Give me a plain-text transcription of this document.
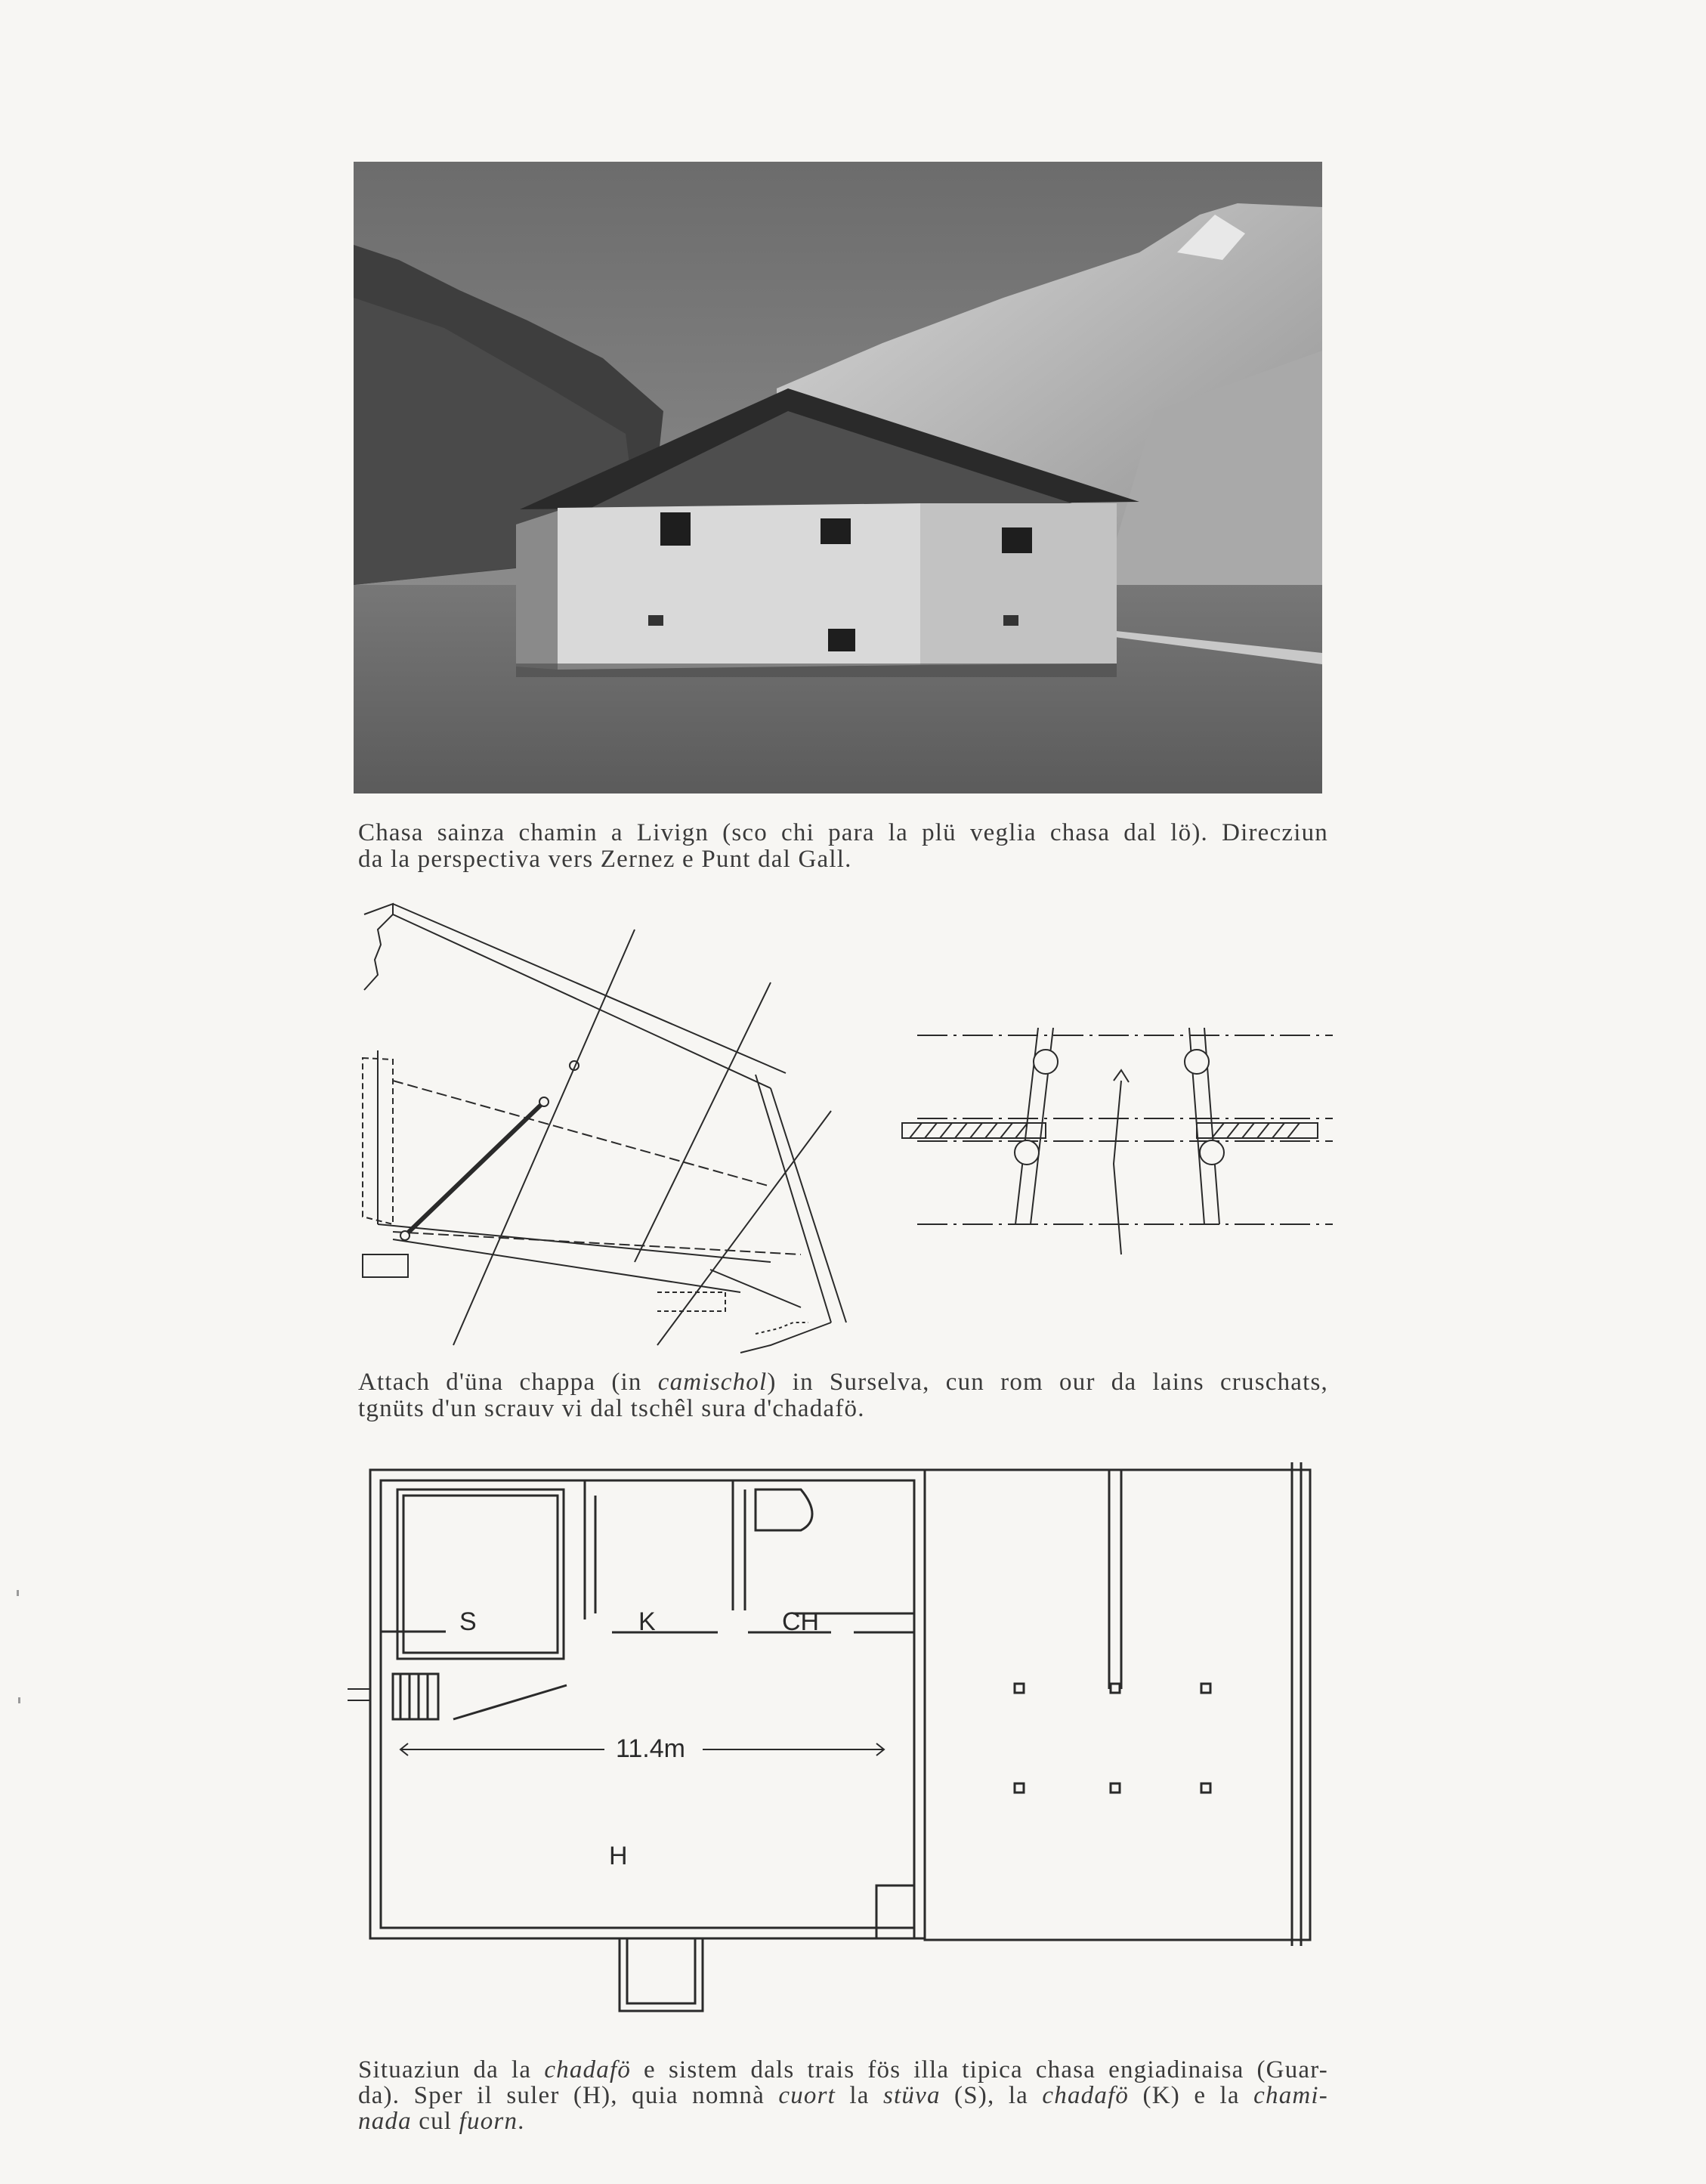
Chasa sainza chamin a Livign (sco chi para la plü veglia chasa dal lö). Direcziun
da la perspectiva vers Zernez e Punt dal Gall.
Attach d'üna chappa (in camischol) in Surselva, cun rom our da lains cruschats,
tgnüts d'un scrauv vi dal tschêl sura d'chadafö.
S	K	CH
11.4m
H
Situaziun da la chadafö e sistem dals trais fös illa tipica chasa engiadinaisa (Guar-
da). Sper il suler (H), quia nomnà cuort la stüva (S), la chadafö (K) e la chami-
nada cul fuorn.
